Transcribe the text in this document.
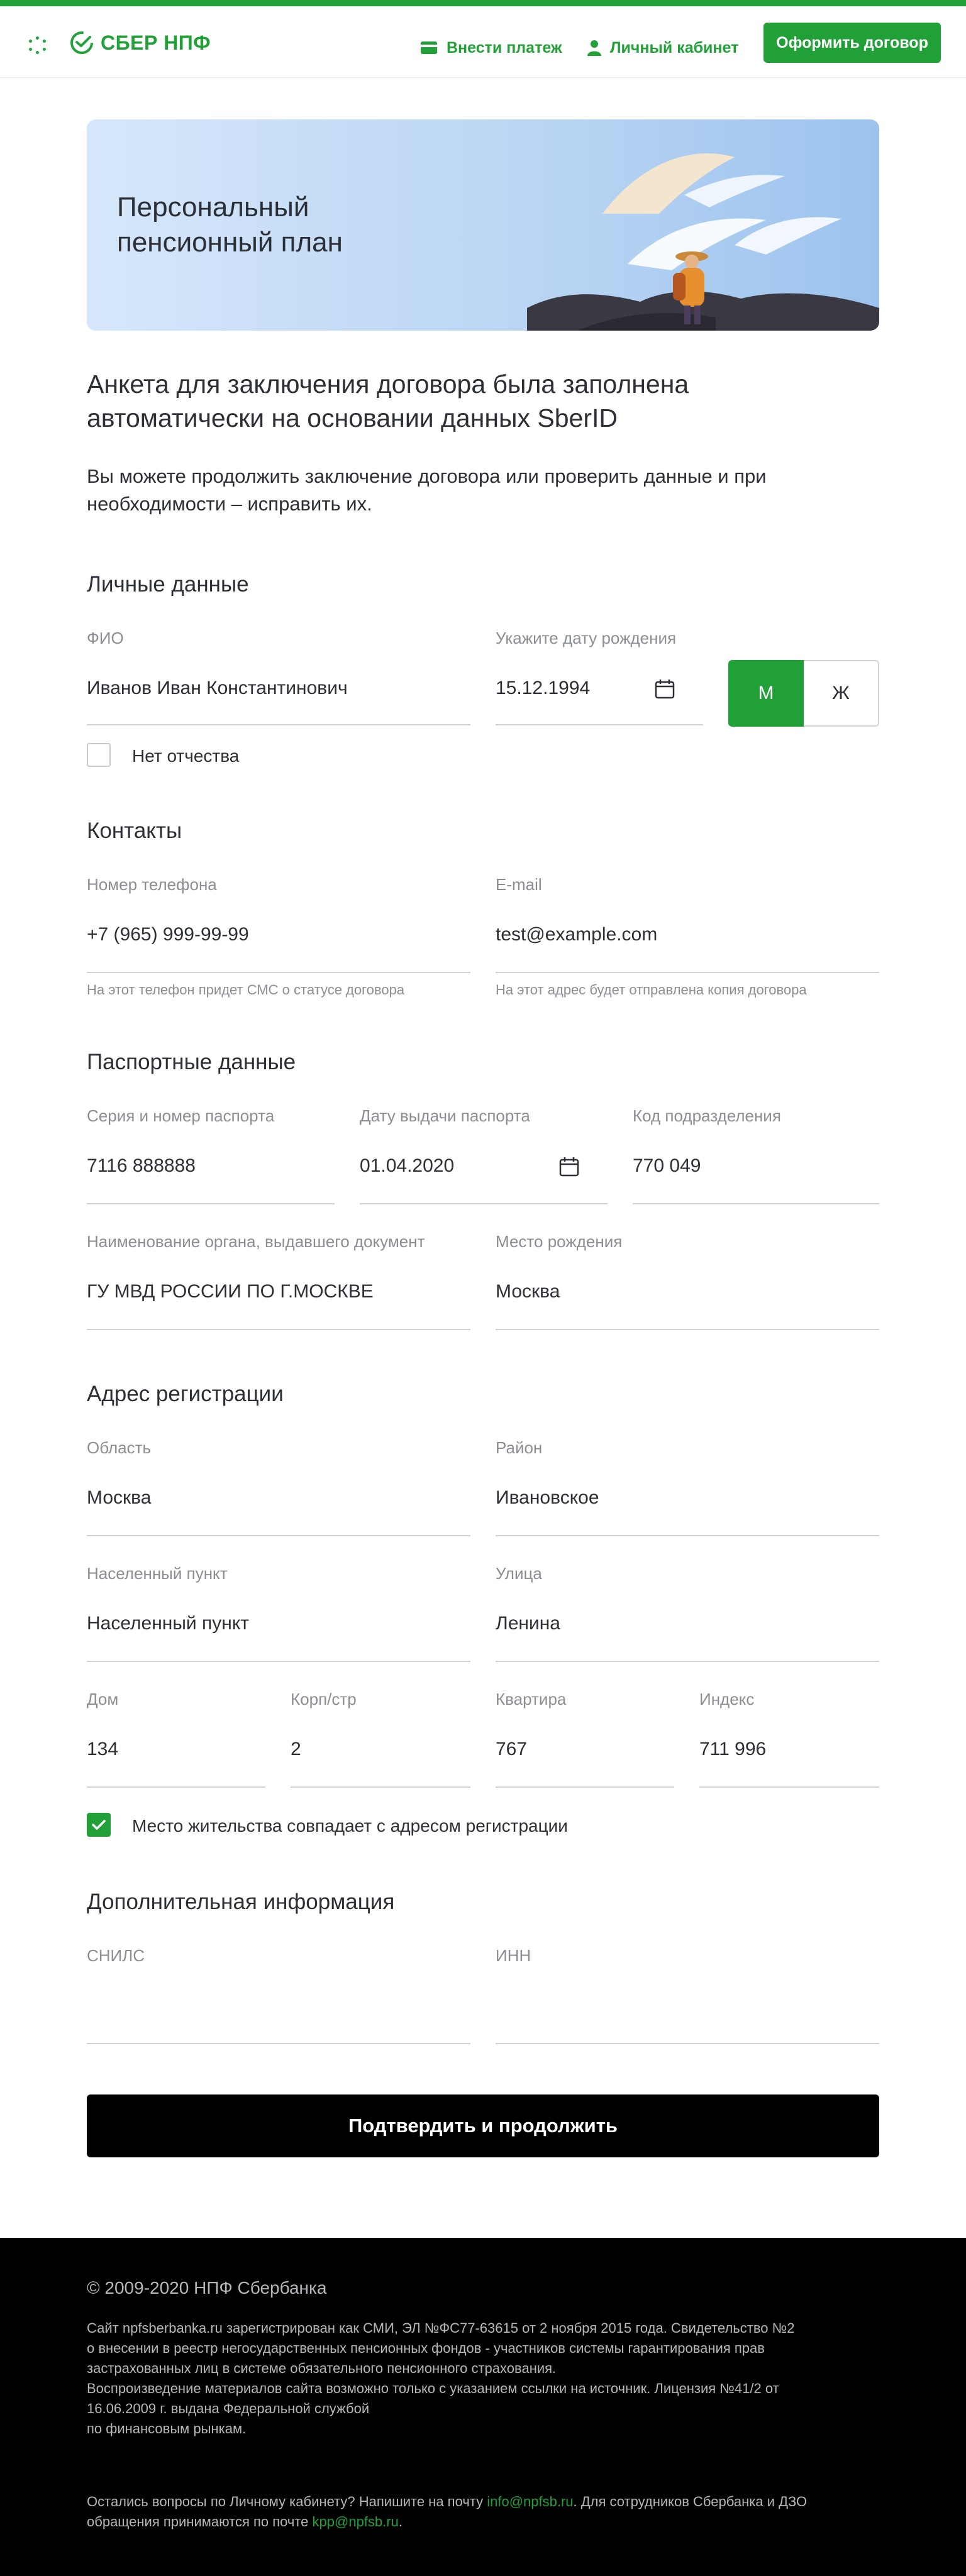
СБЕР НПФ	Внести платеж	Личный кабинет	Оформить договор
Персональный пенсионный план
Анкета для заключения договора была заполнена автоматически на основании данных SberID
Вы можете продолжить заключение договора или проверить данные и при необходимости – исправить их.
Личные данные
ФИО
Иванов Иван Константинович
Укажите дату рождения
15.12.1994	М	Ж
Нет отчества
Контакты
Номер телефона
+7 (965) 999-99-99
На этот телефон придет СМС о статусе договора
E-mail
test@example.com
На этот адрес будет отправлена копия договора
Паспортные данные
Серия и номер паспорта
7116 888888
Дату выдачи паспорта
01.04.2020
Код подразделения
770 049
Наименование органа, выдавшего документ
ГУ МВД РОССИИ ПО Г.МОСКВЕ
Место рождения
Москва
Адрес регистрации
Область
Москва
Район
Ивановское
Населенный пункт
Населенный пункт
Улица
Ленина
Дом
134
Корп/стр
2
Квартира
767
Индекс
711 996
Место жительства совпадает с адресом регистрации
Дополнительная информация
СНИЛС	ИНН
Подтвердить и продолжить
© 2009-2020 НПФ Сбербанка
Сайт npfsberbanka.ru зарегистрирован как СМИ, ЭЛ №ФС77-63615 от 2 ноября 2015 года. Свидетельство №2
о внесении в реестр негосударственных пенсионных фондов - участников системы гарантирования прав
застрахованных лиц в системе обязательного пенсионного страхования.
Воспроизведение материалов сайта возможно только с указанием ссылки на источник. Лицензия №41/2 от
16.06.2009 г. выдана Федеральной службой
по финансовым рынкам.
Остались вопросы по Личному кабинету? Напишите на почту info@npfsb.ru. Для сотрудников Сбербанка и ДЗО обращения принимаются по почте kpp@npfsb.ru.
